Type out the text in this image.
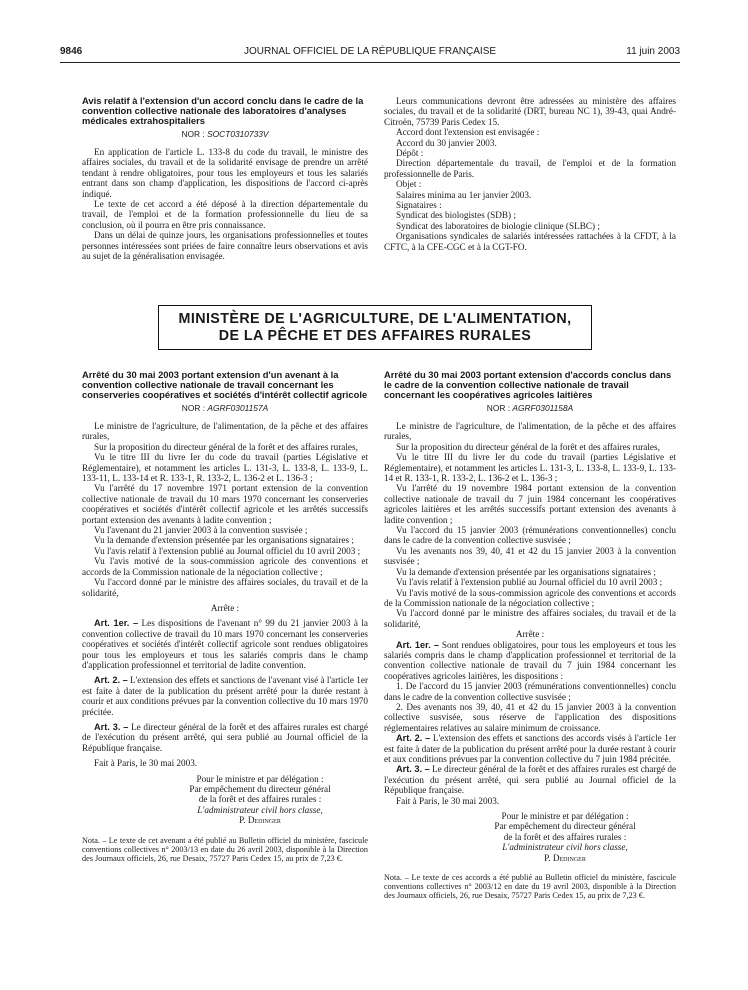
9846	JOURNAL OFFICIEL DE LA RÉPUBLIQUE FRANÇAISE	11 juin 2003
Avis relatif à l'extension d'un accord conclu dans le cadre de la convention collective nationale des laboratoires d'analyses médicales extrahospitaliers
NOR : SOCT0310733V

En application de l'article L. 133-8 du code du travail, le ministre des affaires sociales, du travail et de la solidarité envisage de prendre un arrêté tendant à rendre obligatoires, pour tous les employeurs et tous les salariés entrant dans son champ d'application, les dispositions de l'accord ci-après indiqué.

Le texte de cet accord a été déposé à la direction départementale du travail, de l'emploi et de la formation professionnelle du lieu de sa conclusion, où il pourra en être pris connaissance.

Dans un délai de quinze jours, les organisations professionnelles et toutes personnes intéressées sont priées de faire connaître leurs observations et avis au sujet de la généralisation envisagée.

Leurs communications devront être adressées au ministère des affaires sociales, du travail et de la solidarité (DRT, bureau NC 1), 39-43, quai André-Citroën, 75739 Paris Cedex 15.

Accord dont l'extension est envisagée :

Accord du 30 janvier 2003.

Dépôt :

Direction départementale du travail, de l'emploi et de la formation professionnelle de Paris.

Objet :

Salaires minima au 1er janvier 2003.

Signataires :

Syndicat des biologistes (SDB) ;

Syndicat des laboratoires de biologie clinique (SLBC) ;

Organisations syndicales de salariés intéressées rattachées à la CFDT, à la CFTC, à la CFE-CGC et à la CGT-FO.

MINISTÈRE DE L'AGRICULTURE, DE L'ALIMENTATION,
DE LA PÊCHE ET DES AFFAIRES RURALES
Arrêté du 30 mai 2003 portant extension d'un avenant à la convention collective nationale de travail concernant les conserveries coopératives et sociétés d'intérêt collectif agricole
NOR : AGRF0301157A

Le ministre de l'agriculture, de l'alimentation, de la pêche et des affaires rurales,

Sur la proposition du directeur général de la forêt et des affaires rurales,

Vu le titre III du livre Ier du code du travail (parties Législative et Réglementaire), et notamment les articles L. 131-3, L. 133-8, L. 133-9, L. 133-11, L. 133-14 et R. 133-1, R. 133-2, L. 136-2 et L. 136-3 ;

Vu l'arrêté du 17 novembre 1971 portant extension de la convention collective nationale de travail du 10 mars 1970 concernant les conserveries coopératives et sociétés d'intérêt collectif agricole et les arrêtés successifs portant extension des avenants à ladite convention ;

Vu l'avenant du 21 janvier 2003 à la convention susvisée ;

Vu la demande d'extension présentée par les organisations signataires ;

Vu l'avis relatif à l'extension publié au Journal officiel du 10 avril 2003 ;

Vu l'avis motivé de la sous-commission agricole des conventions et accords de la Commission nationale de la négociation collective ;

Vu l'accord donné par le ministre des affaires sociales, du travail et de la solidarité,

Arrête :

Art. 1er. – Les dispositions de l'avenant n° 99 du 21 janvier 2003 à la convention collective de travail du 10 mars 1970 concernant les conserveries coopératives et sociétés d'intérêt collectif agricole sont rendues obligatoires pour tous les employeurs et tous les salariés compris dans le champ d'application professionnel et territorial de ladite convention.

Art. 2. – L'extension des effets et sanctions de l'avenant visé à l'article 1er est faite à dater de la publication du présent arrêté pour la durée restant à courir et aux conditions prévues par la convention collective du 10 mars 1970 précitée.

Art. 3. – Le directeur général de la forêt et des affaires rurales est chargé de l'exécution du présent arrêté, qui sera publié au Journal officiel de la République française.

Fait à Paris, le 30 mai 2003.

Pour le ministre et par délégation :
Par empêchement du directeur général
de la forêt et des affaires rurales :
L'administrateur civil hors classe,
P. Dedinger
Nota. – Le texte de cet avenant a été publié au Bulletin officiel du ministère, fascicule conventions collectives n° 2003/13 en date du 26 avril 2003, disponible à la Direction des Journaux officiels, 26, rue Desaix, 75727 Paris Cedex 15, au prix de 7,23 €.
Arrêté du 30 mai 2003 portant extension d'accords conclus dans le cadre de la convention collective nationale de travail concernant les coopératives agricoles laitières
NOR : AGRF0301158A

Le ministre de l'agriculture, de l'alimentation, de la pêche et des affaires rurales,

Sur la proposition du directeur général de la forêt et des affaires rurales,

Vu le titre III du livre Ier du code du travail (parties Législative et Réglementaire), et notamment les articles L. 131-3, L. 133-8, L. 133-9, L. 133-14 et R. 133-1, R. 133-2, L. 136-2 et L. 136-3 ;

Vu l'arrêté du 19 novembre 1984 portant extension de la convention collective nationale de travail du 7 juin 1984 concernant les coopératives agricoles laitières et les arrêtés successifs portant extension des avenants à ladite convention ;

Vu l'accord du 15 janvier 2003 (rémunérations conventionnelles) conclu dans le cadre de la convention collective susvisée ;

Vu les avenants nos 39, 40, 41 et 42 du 15 janvier 2003 à la convention susvisée ;

Vu la demande d'extension présentée par les organisations signataires ;

Vu l'avis relatif à l'extension publié au Journal officiel du 10 avril 2003 ;

Vu l'avis motivé de la sous-commission agricole des conventions et accords de la Commission nationale de la négociation collective ;

Vu l'accord donné par le ministre des affaires sociales, du travail et de la solidarité,

Arrête :

Art. 1er. – Sont rendues obligatoires, pour tous les employeurs et tous les salariés compris dans le champ d'application professionnel et territorial de la convention collective nationale de travail du 7 juin 1984 concernant les coopératives agricoles laitières, les dispositions :

1. De l'accord du 15 janvier 2003 (rémunérations conventionnelles) conclu dans le cadre de la convention collective susvisée ;

2. Des avenants nos 39, 40, 41 et 42 du 15 janvier 2003 à la convention collective susvisée, sous réserve de l'application des dispositions réglementaires relatives au salaire minimum de croissance.

Art. 2. – L'extension des effets et sanctions des accords visés à l'article 1er est faite à dater de la publication du présent arrêté pour la durée restant à courir et aux conditions prévues par la convention collective du 7 juin 1984 précitée.

Art. 3. – Le directeur général de la forêt et des affaires rurales est chargé de l'exécution du présent arrêté, qui sera publié au Journal officiel de la République française.

Fait à Paris, le 30 mai 2003.

Pour le ministre et par délégation :
Par empêchement du directeur général
de la forêt et des affaires rurales :
L'administrateur civil hors classe,
P. Dedinger
Nota. – Le texte de ces accords a été publié au Bulletin officiel du ministère, fascicule conventions collectives n° 2003/12 en date du 19 avril 2003, disponible à la Direction des Journaux officiels, 26, rue Desaix, 75727 Paris Cedex 15, au prix de 7,23 €.
